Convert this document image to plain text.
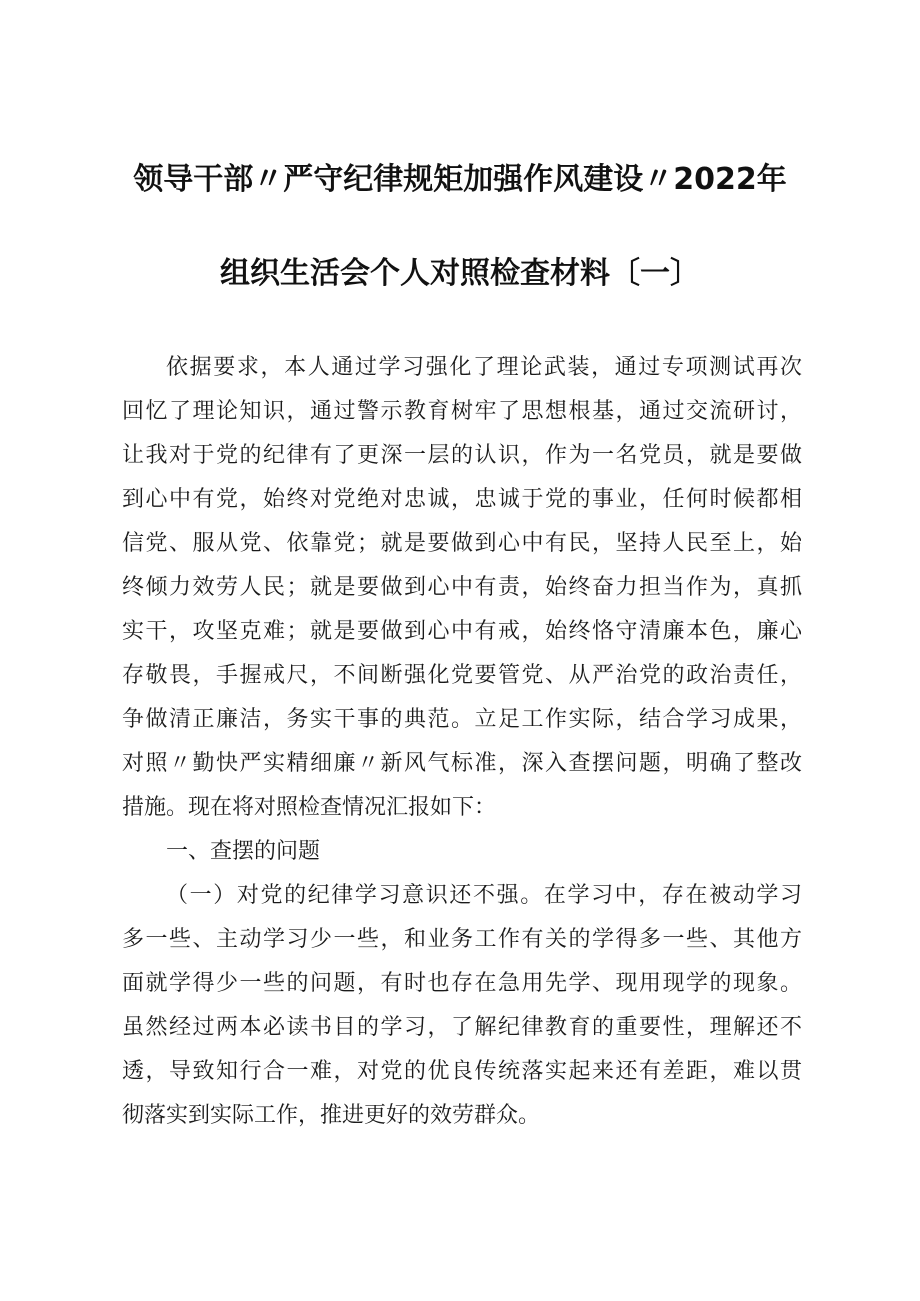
领导干部〃严守纪律规矩加强作风建设〃2022年
组织生活会个人对照检查材料〔一〕
依据要求，本人通过学习强化了理论武装，通过专项测试再次
回忆了理论知识，通过警示教育树牢了思想根基，通过交流研讨，
让我对于党的纪律有了更深一层的认识，作为一名党员，就是要做
到心中有党，始终对党绝对忠诚，忠诚于党的事业，任何时候都相
信党、服从党、依靠党；就是要做到心中有民，坚持人民至上，始
终倾力效劳人民；就是要做到心中有责，始终奋力担当作为，真抓
实干，攻坚克难；就是要做到心中有戒，始终恪守清廉本色，廉心
存敬畏，手握戒尺，不间断强化党要管党、从严治党的政治责任，
争做清正廉洁，务实干事的典范。立足工作实际，结合学习成果，
对照〃勤快严实精细廉〃新风气标准，深入查摆问题，明确了整改
措施。现在将对照检查情况汇报如下：
一、查摆的问题
（一）对党的纪律学习意识还不强。在学习中，存在被动学习
多一些、主动学习少一些，和业务工作有关的学得多一些、其他方
面就学得少一些的问题，有时也存在急用先学、现用现学的现象。
虽然经过两本必读书目的学习，了解纪律教育的重要性，理解还不
透，导致知行合一难，对党的优良传统落实起来还有差距，难以贯
彻落实到实际工作，推进更好的效劳群众。
